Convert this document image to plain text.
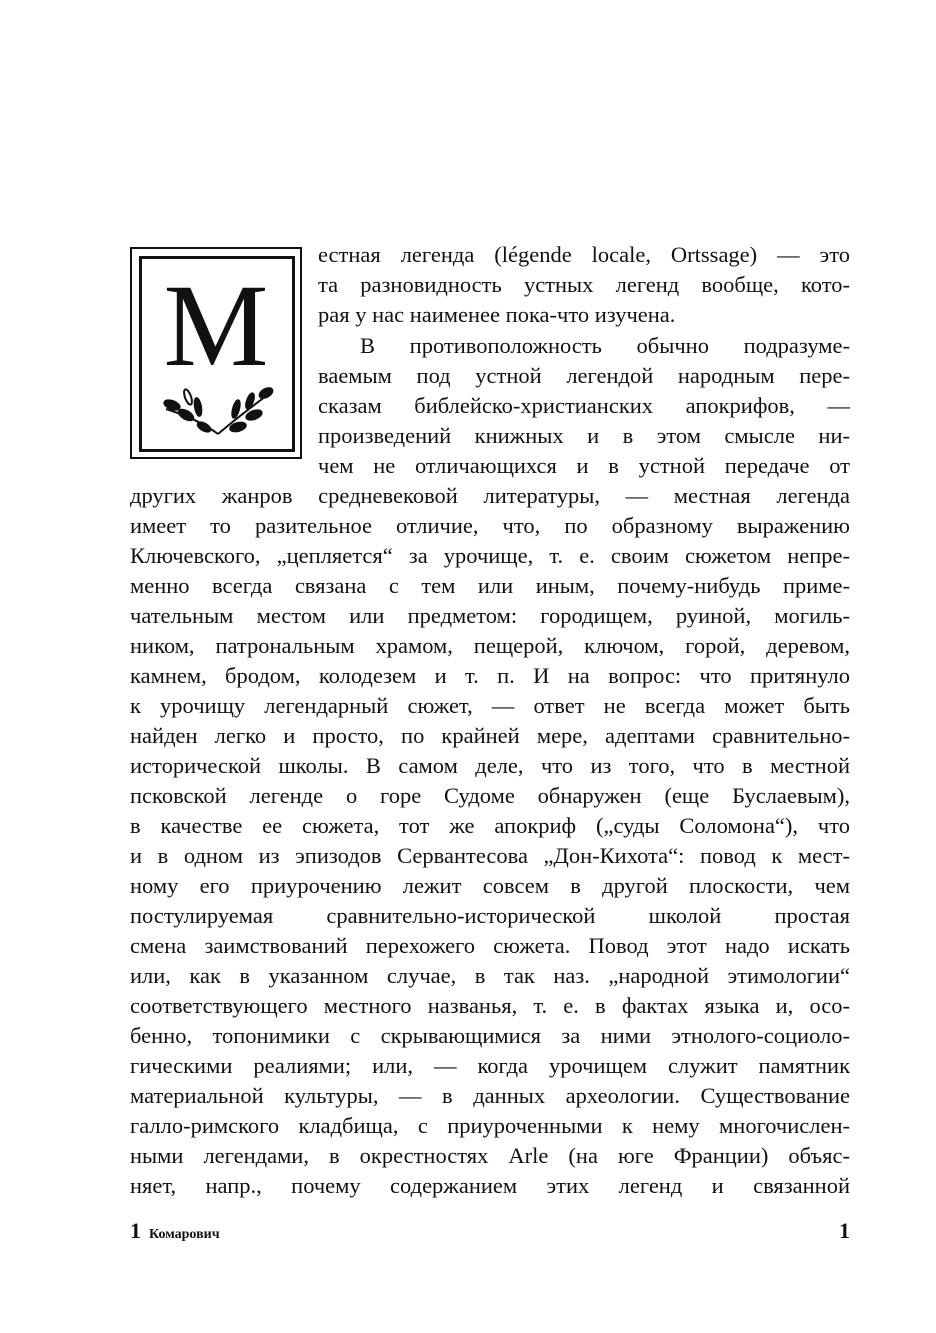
M
естная легенда (légende locale, Ortssage) — это
та разновидность устных легенд вообще, кото-
рая у нас наименее пока-что изучена.
В противоположность обычно подразуме-
ваемым под устной легендой народным пере-
сказам библейско-христианских апокрифов, —
произведений книжных и в этом смысле ни-
чем не отличающихся и в устной передаче от
других жанров средневековой литературы, — местная легенда
имеет то разительное отличие, что, по образному выражению
Ключевского, „цепляется“ за урочище, т. е. своим сюжетом непре-
менно всегда связана с тем или иным, почему-нибудь приме-
чательным местом или предметом: городищем, руиной, могиль-
ником, патрональным храмом, пещерой, ключом, горой, деревом,
камнем, бродом, колодезем и т. п. И на вопрос: что притянуло
к урочищу легендарный сюжет, — ответ не всегда может быть
найден легко и просто, по крайней мере, адептами сравнительно-
исторической школы. В самом деле, что из того, что в местной
псковской легенде о горе Судоме обнаружен (еще Буслаевым),
в качестве ее сюжета, тот же апокриф („суды Соломона“), что
и в одном из эпизодов Сервантесова „Дон-Кихота“: повод к мест-
ному его приурочению лежит совсем в другой плоскости, чем
постулируемая сравнительно-исторической школой простая
смена заимствований перехожего сюжета. Повод этот надо искать
или, как в указанном случае, в так наз. „народной этимологии“
соответствующего местного названья, т. е. в фактах языка и, осо-
бенно, топонимики с скрывающимися за ними этнолого-социоло-
гическими реалиями; или, — когда урочищем служит памятник
материальной культуры, — в данных археологии. Существование
галло-римского кладбища, с приуроченными к нему многочислен-
ными легендами, в окрестностях Arle (на юге Франции) объяс-
няет, напр., почему содержанием этих легенд и связанной
1 Комарович	1
